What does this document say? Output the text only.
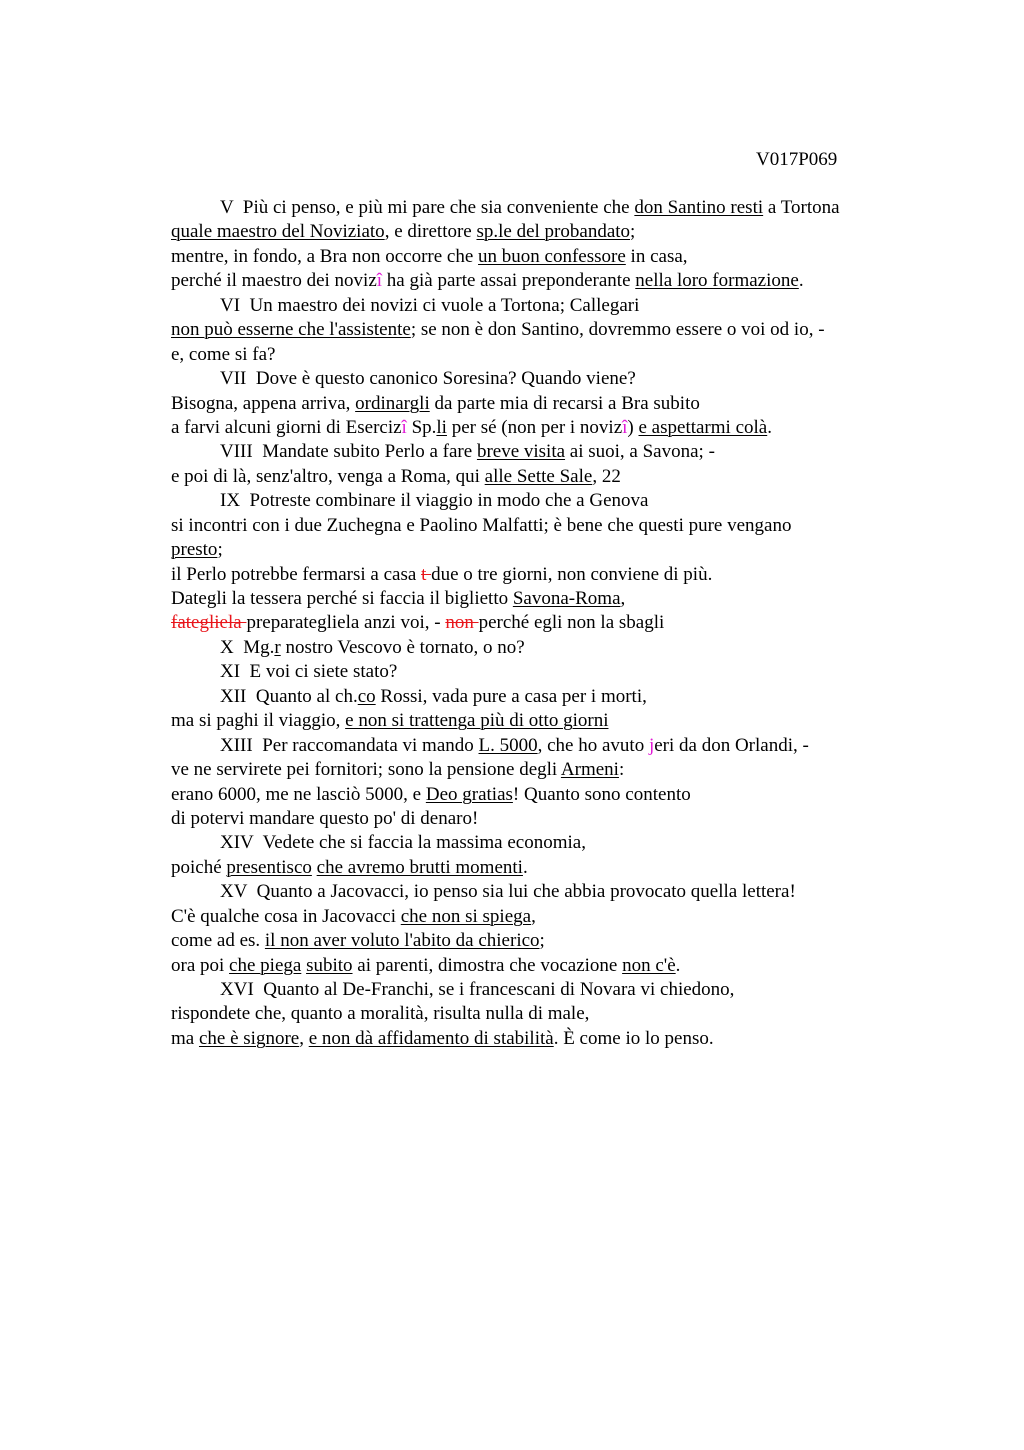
V017P069
V  Più ci penso, e più mi pare che sia conveniente che don Santino resti a Tortona
quale maestro del Noviziato, e direttore sp.le del probandato;
mentre, in fondo, a Bra non occorre che un buon confessore in casa,
perché il maestro dei novizî ha già parte assai preponderante nella loro formazione.
VI  Un maestro dei novizi ci vuole a Tortona; Callegari
non può esserne che l'assistente; se non è don Santino, dovremmo essere o voi od io, -
e, come si fa?
VII  Dove è questo canonico Soresina? Quando viene?
Bisogna, appena arriva, ordinargli da parte mia di recarsi a Bra subito
a farvi alcuni giorni di Esercizî Sp.li per sé (non per i novizî) e aspettarmi colà.
VIII  Mandate subito Perlo a fare breve visita ai suoi, a Savona; -
e poi di là, senz'altro, venga a Roma, qui alle Sette Sale, 22
IX  Potreste combinare il viaggio in modo che a Genova
si incontri con i due Zuchegna e Paolino Malfatti; è bene che questi pure vengano
presto;
il Perlo potrebbe fermarsi a casa t due o tre giorni, non conviene di più.
Dategli la tessera perché si faccia il biglietto Savona-Roma,
fategliela preparategliela anzi voi, - non perché egli non la sbagli
X  Mg.r nostro Vescovo è tornato, o no?
XI  E voi ci siete stato?
XII  Quanto al ch.co Rossi, vada pure a casa per i morti,
ma si paghi il viaggio, e non si trattenga più di otto giorni
XIII  Per raccomandata vi mando L. 5000, che ho avuto jeri da don Orlandi, -
ve ne servirete pei fornitori; sono la pensione degli Armeni:
erano 6000, me ne lasciò 5000, e Deo gratias! Quanto sono contento
di potervi mandare questo po' di denaro!
XIV  Vedete che si faccia la massima economia,
poiché presentisco che avremo brutti momenti.
XV  Quanto a Jacovacci, io penso sia lui che abbia provocato quella lettera!
C'è qualche cosa in Jacovacci che non si spiega,
come ad es. il non aver voluto l'abito da chierico;
ora poi che piega subito ai parenti, dimostra che vocazione non c'è.
XVI  Quanto al De-Franchi, se i francescani di Novara vi chiedono,
rispondete che, quanto a moralità, risulta nulla di male,
ma che è signore, e non dà affidamento di stabilità. È come io lo penso.
